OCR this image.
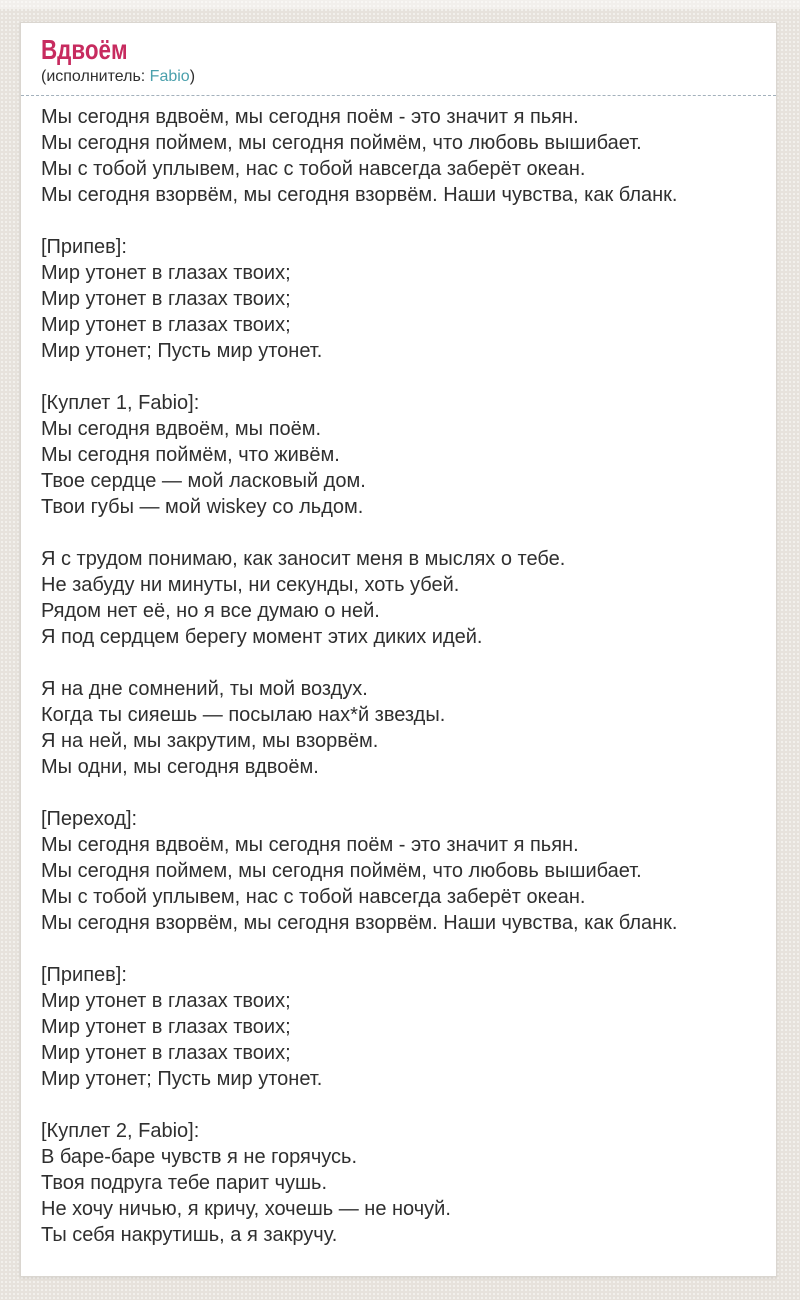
Вдвоём
(исполнитель: Fabio)

Мы сегодня вдвоём, мы сегодня поём - это значит я пьян.
Мы сегодня поймем, мы сегодня поймём, что любовь вышибает.
Мы с тобой уплывем, нас с тобой навсегда заберёт океан.
Мы сегодня взорвём, мы сегодня взорвём. Наши чувства, как бланк.

[Припев]:
Мир утонет в глазах твоих;
Мир утонет в глазах твоих;
Мир утонет в глазах твоих;
Мир утонет; Пусть мир утонет.

[Куплет 1, Fabio]:
Мы сегодня вдвоём, мы поём.
Мы сегодня поймём, что живём.
Твое сердце — мой ласковый дом.
Твои губы — мой wiskey со льдом.

Я с трудом понимаю, как заносит меня в мыслях о тебе.
Не забуду ни минуты, ни секунды, хоть убей.
Рядом нет её, но я все думаю о ней.
Я под сердцем берегу момент этих диких идей.

Я на дне сомнений, ты мой воздух.
Когда ты сияешь — посылаю нах*й звезды.
Я на ней, мы закрутим, мы взорвём.
Мы одни, мы сегодня вдвоём.

[Переход]:
Мы сегодня вдвоём, мы сегодня поём - это значит я пьян.
Мы сегодня поймем, мы сегодня поймём, что любовь вышибает.
Мы с тобой уплывем, нас с тобой навсегда заберёт океан.
Мы сегодня взорвём, мы сегодня взорвём. Наши чувства, как бланк.

[Припев]:
Мир утонет в глазах твоих;
Мир утонет в глазах твоих;
Мир утонет в глазах твоих;
Мир утонет; Пусть мир утонет.

[Куплет 2, Fabio]:
В баре-баре чувств я не горячусь.
Твоя подруга тебе парит чушь.
Не хочу ничью, я кричу, хочешь — не ночуй.
Ты себя накрутишь, а я закручу.
